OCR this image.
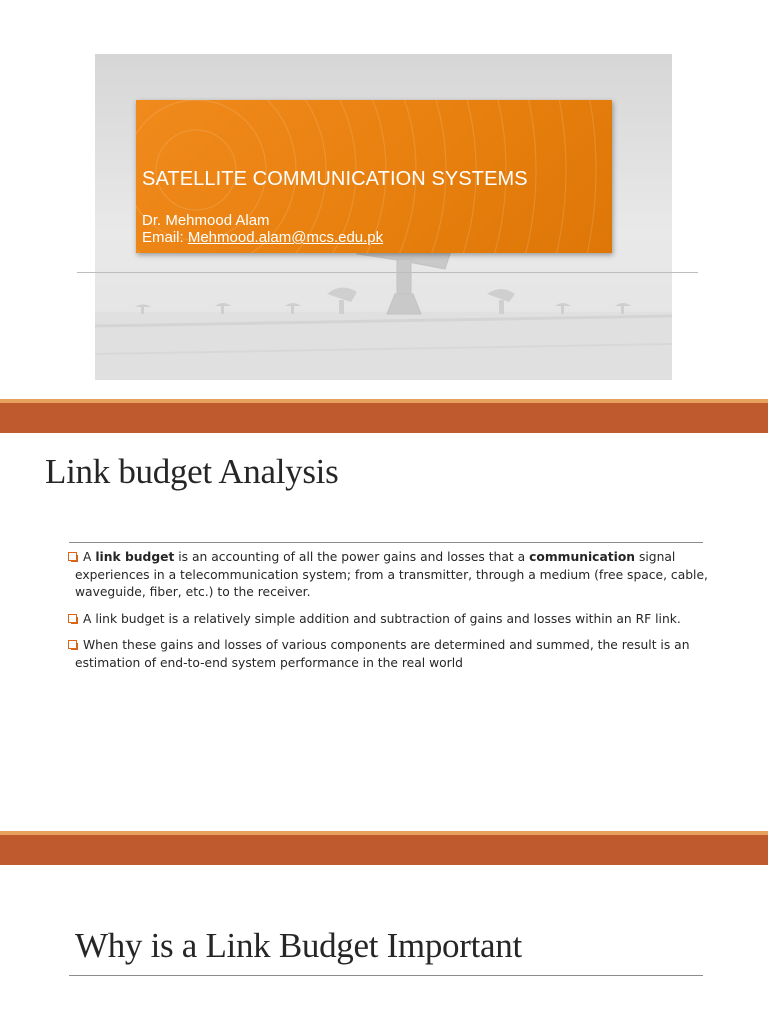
SATELLITE COMMUNICATION SYSTEMS
Dr. Mehmood Alam
Email: Mehmood.alam@mcs.edu.pk
Link budget Analysis
A link budget is an accounting of all the power gains and losses that a communication signal experiences in a telecommunication system; from a transmitter, through a medium (free space, cable, waveguide, fiber, etc.) to the receiver.
A link budget is a relatively simple addition and subtraction of gains and losses within an RF link.
When these gains and losses of various components are determined and summed, the result is an estimation of end-to-end system performance in the real world
Why is a Link Budget Important
